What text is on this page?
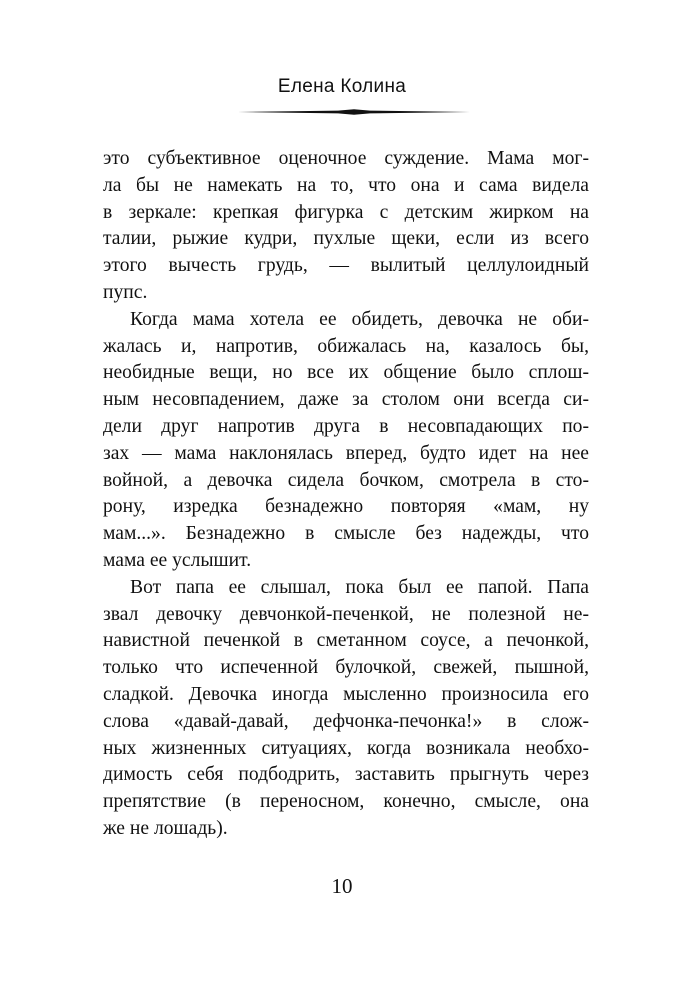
Елена Колина
это субъективное оценочное суждение. Мама мог-
ла бы не намекать на то, что она и сама видела
в зеркале: крепкая фигурка с детским жирком на
талии, рыжие кудри, пухлые щеки, если из всего
этого вычесть грудь, — вылитый целлулоидный
пупс.
Когда мама хотела ее обидеть, девочка не оби-
жалась и, напротив, обижалась на, казалось бы,
необидные вещи, но все их общение было сплош-
ным несовпадением, даже за столом они всегда си-
дели друг напротив друга в несовпадающих по-
зах — мама наклонялась вперед, будто идет на нее
войной, а девочка сидела бочком, смотрела в сто-
рону, изредка безнадежно повторяя «мам, ну
мам...». Безнадежно в смысле без надежды, что
мама ее услышит.
Вот папа ее слышал, пока был ее папой. Папа
звал девочку девчонкой-печенкой, не полезной не-
навистной печенкой в сметанном соусе, а печонкой,
только что испеченной булочкой, свежей, пышной,
сладкой. Девочка иногда мысленно произносила его
слова «давай-давай, дефчонка-печонка!» в слож-
ных жизненных ситуациях, когда возникала необхо-
димость себя подбодрить, заставить прыгнуть через
препятствие (в переносном, конечно, смысле, она
же не лошадь).
10
